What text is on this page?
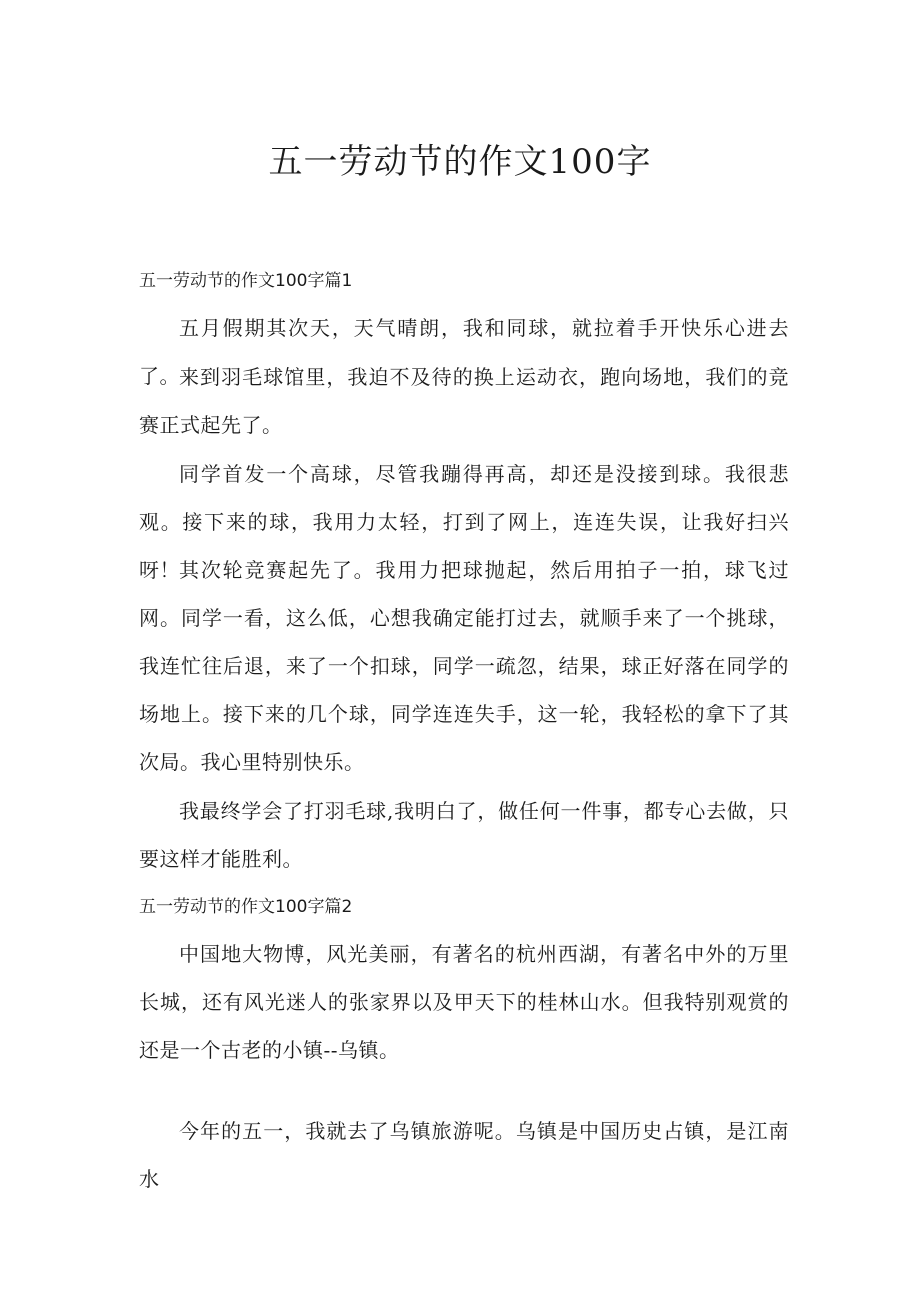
五一劳动节的作文100字
五一劳动节的作文100字篇1

五月假期其次天，天气晴朗，我和同球，就拉着手开快乐心进去了。 来到羽毛球馆里，我迫不及待的换上运动衣，跑向场地，我们的竞赛正式起先了。

同学首发一个高球，尽管我蹦得再高，却还是没接到球。我很悲观。接下来的球，我用力太轻，打到了网上，连连失误，让我好扫兴呀！ 其次轮竞赛起先了。我用力把球抛起，然后用拍子一拍，球飞过网。同学一看，这么低，心想我确定能打过去，就顺手来了一个挑球，我连忙往后退，来了一个扣球，同学一疏忽，结果，球正好落在同学的场地上。接下来的几个球，同学连连失手，这一轮，我轻松的拿下了其次局。我心里特别快乐。

我最终学会了打羽毛球,我明白了，做任何一件事，都专心去做，只要这样才能胜利。

五一劳动节的作文100字篇2

中国地大物博，风光美丽，有著名的杭州西湖，有著名中外的万里长城，还有风光迷人的张家界以及甲天下的桂林山水。但我特别观赏的还是一个古老的小镇--乌镇。

今年的五一，我就去了乌镇旅游呢。乌镇是中国历史占镇，是江南水
